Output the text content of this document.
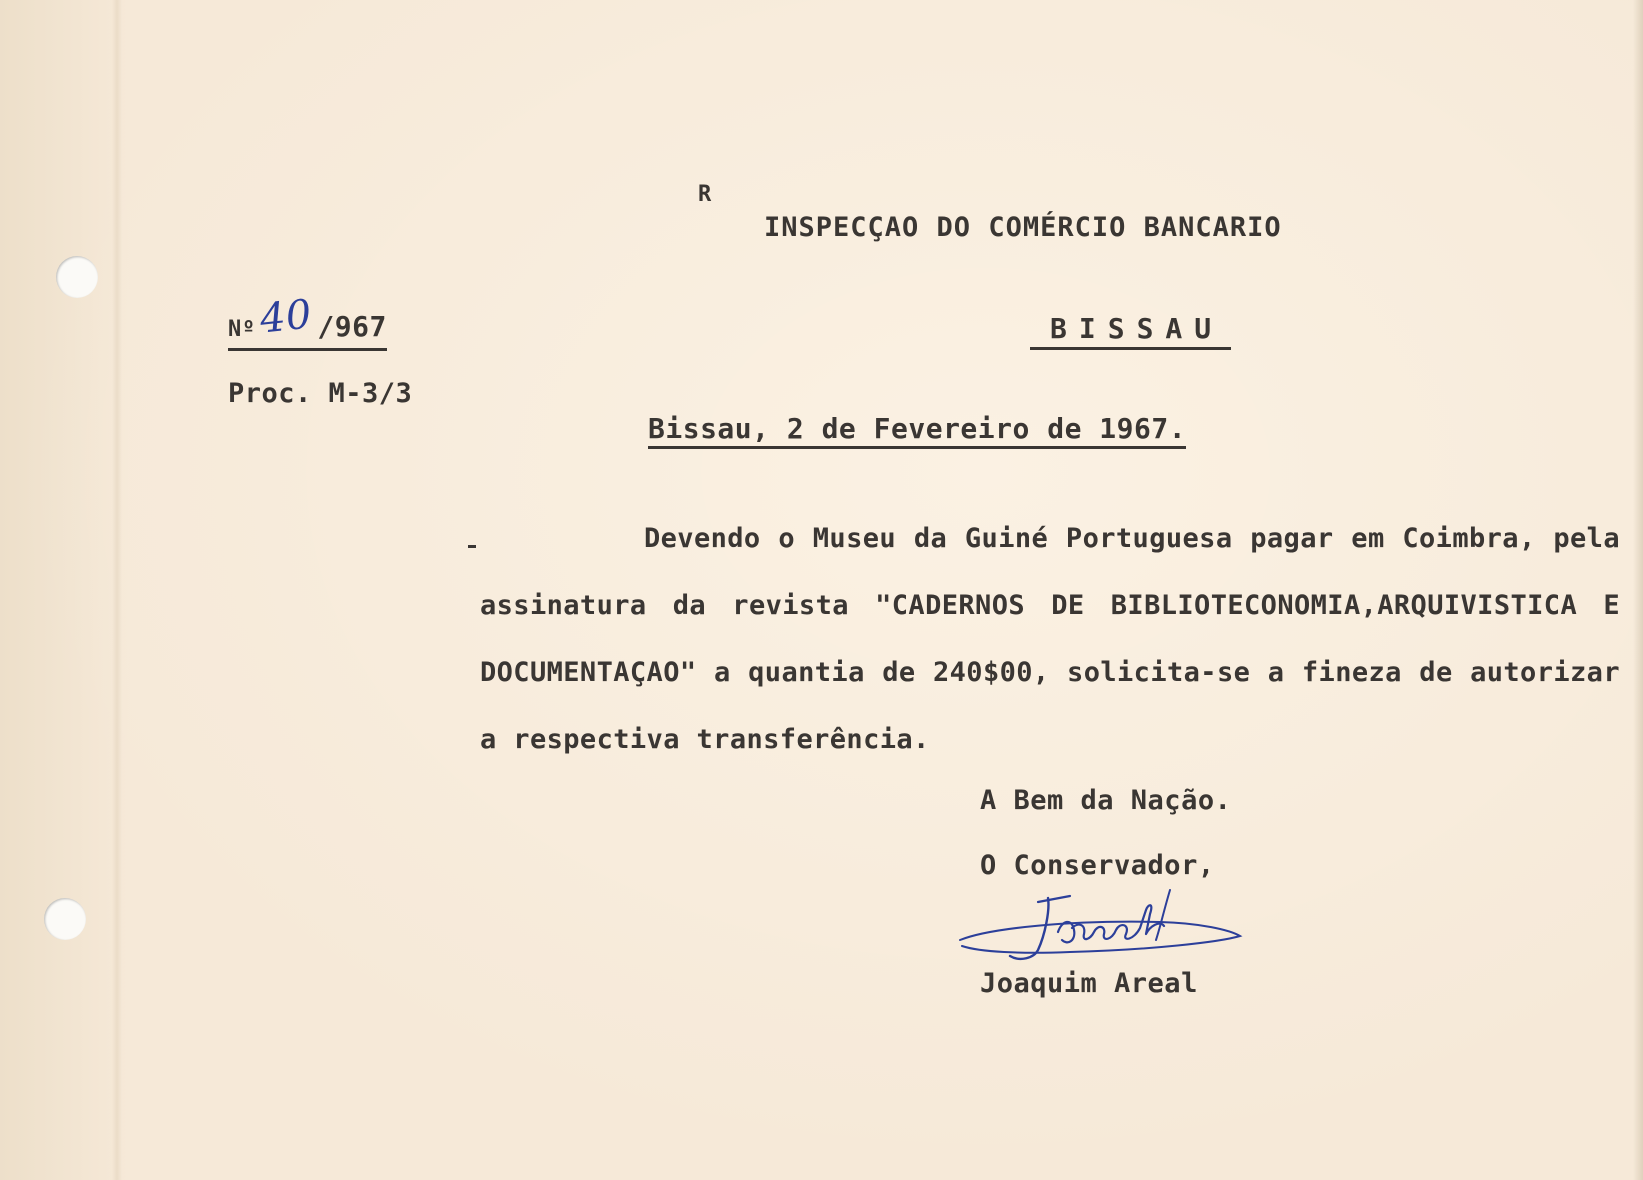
R
INSPECÇAO DO COMÉRCIO BANCARIO
BISSAU
Nº40 /967
Proc. M-3/3
Bissau, 2 de Fevereiro de 1967.
Devendo o Museu da Guiné Portuguesa pagar em Coimbra, pela assinatura da revista "CADERNOS DE BIBLIOTECONOMIA,ARQUIVISTICA E DOCUMENTAÇAO" a quantia de 240$00, solicita-se a fineza de autorizar a respectiva transferência.
A Bem da Nação.
O Conservador,
Joaquim Areal
